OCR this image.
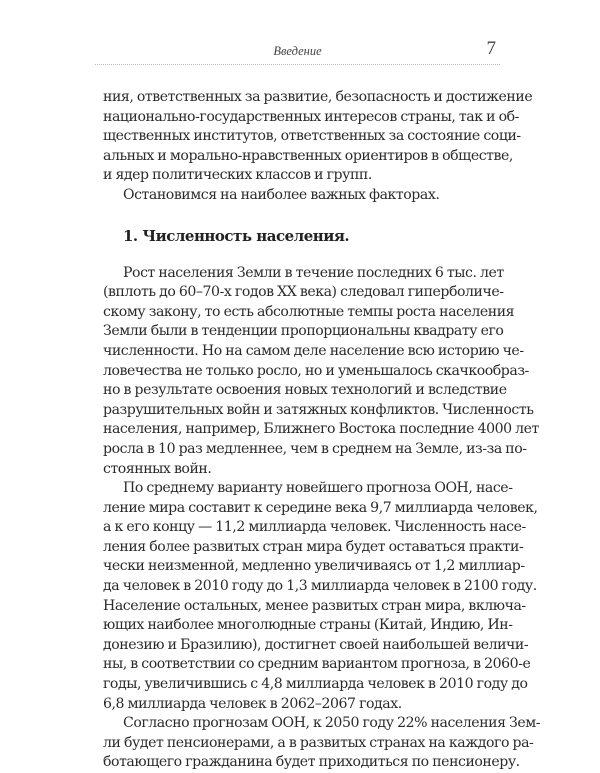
Введение	7
ния, ответственных за развитие, безопасность и достижение
национально-государственных интересов страны, так и об-
щественных институтов, ответственных за состояние соци-
альных и морально-нравственных ориентиров в обществе,
и ядер политических классов и групп.
Остановимся на наиболее важных факторах.
1. Численность населения.
Рост населения Земли в течение последних 6 тыс. лет
(вплоть до 60–70-х годов XX века) следовал гиперболиче-
скому закону, то есть абсолютные темпы роста населения
Земли были в тенденции пропорциональны квадрату его
численности. Но на самом деле население всю историю че-
ловечества не только росло, но и уменьшалось скачкообраз-
но в результате освоения новых технологий и вследствие
разрушительных войн и затяжных конфликтов. Численность
населения, например, Ближнего Востока последние 4000 лет
росла в 10 раз медленнее, чем в среднем на Земле, из-за по-
стоянных войн.
По среднему варианту новейшего прогноза ООН, насе-
ление мира составит к середине века 9,7 миллиарда человек,
а к его концу — 11,2 миллиарда человек. Численность насе-
ления более развитых стран мира будет оставаться практи-
чески неизменной, медленно увеличиваясь от 1,2 миллиар-
да человек в 2010 году до 1,3 миллиарда человек в 2100 году.
Население остальных, менее развитых стран мира, включа-
ющих наиболее многолюдные страны (Китай, Индию, Ин-
донезию и Бразилию), достигнет своей наибольшей величи-
ны, в соответствии со средним вариантом прогноза, в 2060-е
годы, увеличившись с 4,8 миллиарда человек в 2010 году до
6,8 миллиарда человек в 2062–2067 годах.
Согласно прогнозам ООН, к 2050 году 22% населения Зем-
ли будет пенсионерами, а в развитых странах на каждого ра-
ботающего гражданина будет приходиться по пенсионеру.
